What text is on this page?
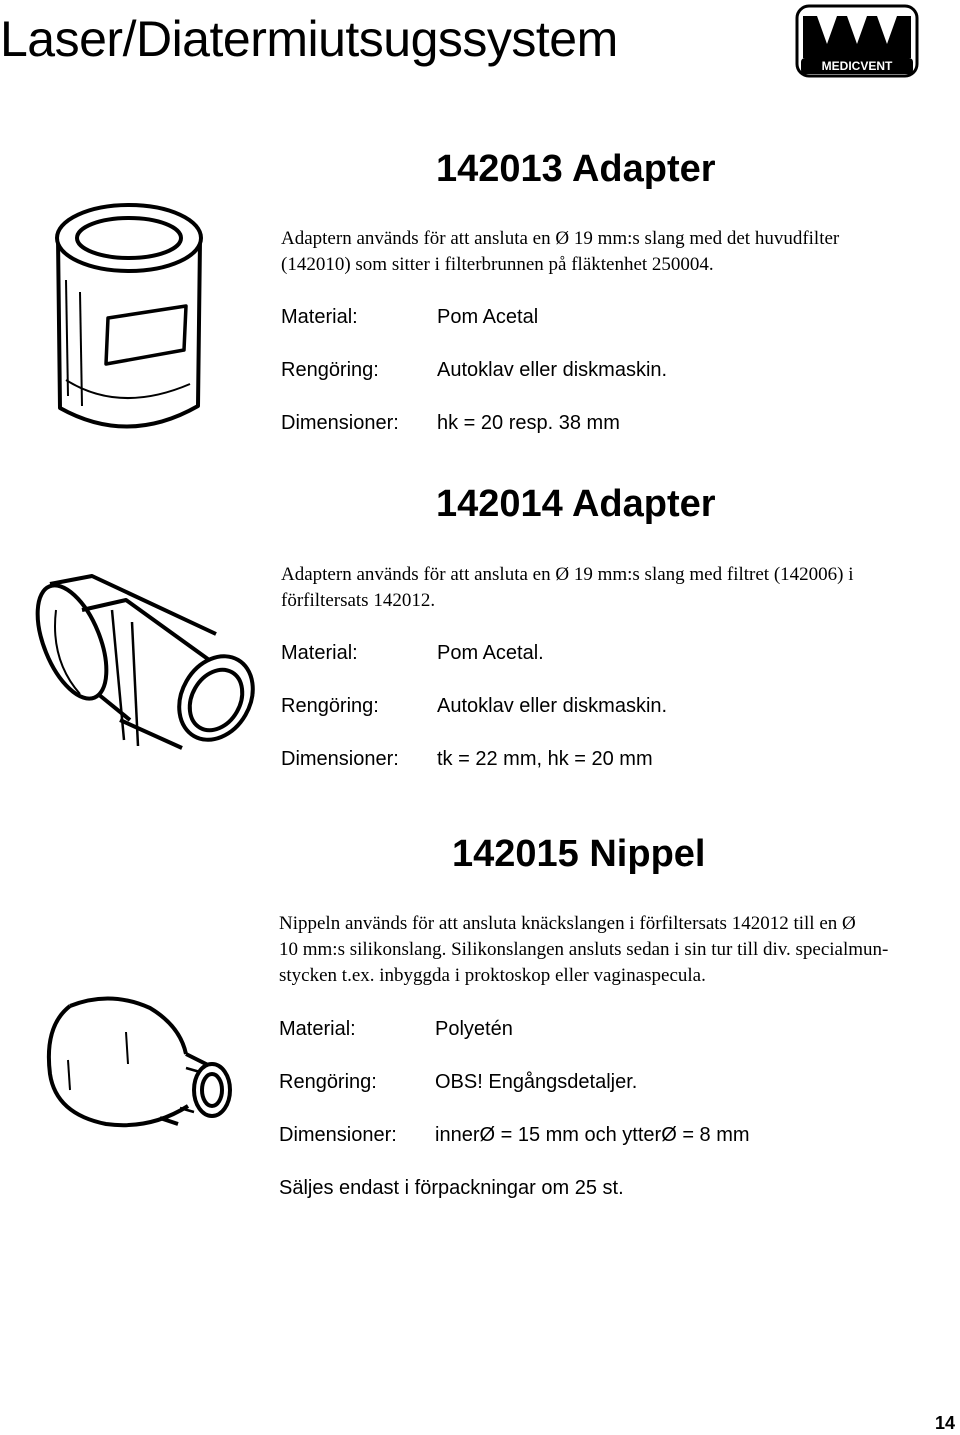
Laser/Diatermiutsugssystem	MEDICVENT
142013 Adapter
Adaptern används för att ansluta en Ø 19 mm:s slang med det huvudfilter
(142010) som sitter i filterbrunnen på fläktenhet 250004.
Material:	Pom Acetal
Rengöring:	Autoklav eller diskmaskin.
Dimensioner: hk = 20 resp. 38 mm
142014 Adapter
Adaptern används för att ansluta en Ø 19 mm:s slang med filtret (142006) i
förfiltersats 142012.
Material:	Pom Acetal.
Rengöring:	Autoklav eller diskmaskin.
Dimensioner: tk = 22 mm, hk = 20 mm
142015 Nippel
Nippeln används för att ansluta knäckslangen i förfiltersats 142012 till en Ø
10 mm:s silikonslang. Silikonslangen ansluts sedan i sin tur till div. specialmun-
stycken t.ex. inbyggda i proktoskop eller vaginaspecula.
Material:	Polyetén
Rengöring:	OBS! Engångsdetaljer.
Dimensioner: innerØ = 15 mm och ytterØ = 8 mm
Säljes endast i förpackningar om 25 st.
14
